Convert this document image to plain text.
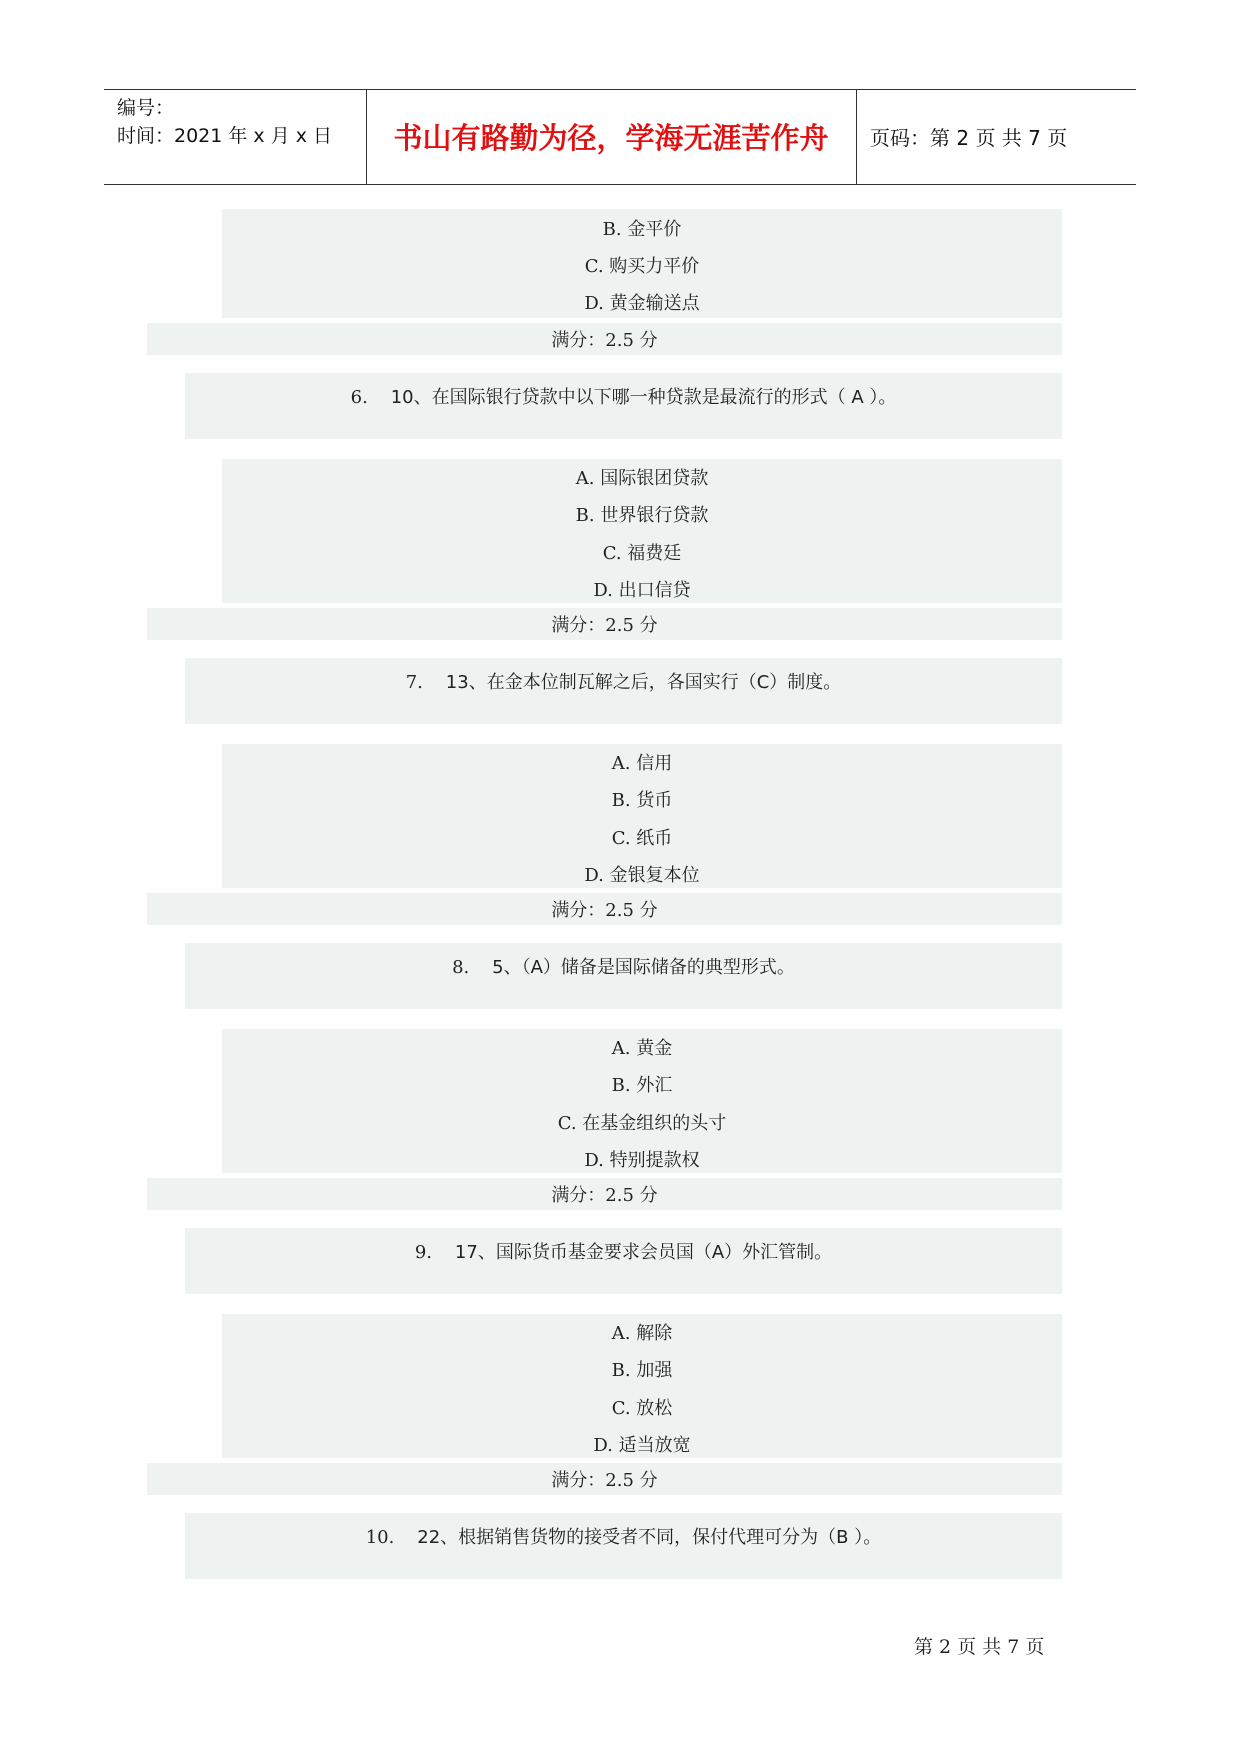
编号：
时间：2021 年 x 月 x 日	书山有路勤为径，学海无涯苦作舟	页码：第 2 页 共 7 页
B. 金平价
C. 购买力平价
D. 黄金输送点
满分：2.5 分
6. 10、在国际银行贷款中以下哪一种贷款是最流行的形式（ A ）。
A. 国际银团贷款
B. 世界银行贷款
C. 福费廷
D. 出口信贷
满分：2.5 分
7. 13、在金本位制瓦解之后，各国实行（C）制度。
A. 信用
B. 货币
C. 纸币
D. 金银复本位
满分：2.5 分
8. 5、（A）储备是国际储备的典型形式。
A. 黄金
B. 外汇
C. 在基金组织的头寸
D. 特别提款权
满分：2.5 分
9. 17、国际货币基金要求会员国（A）外汇管制。
A. 解除
B. 加强
C. 放松
D. 适当放宽
满分：2.5 分
10. 22、根据销售货物的接受者不同，保付代理可分为（B ）。
第 2 页 共 7 页
